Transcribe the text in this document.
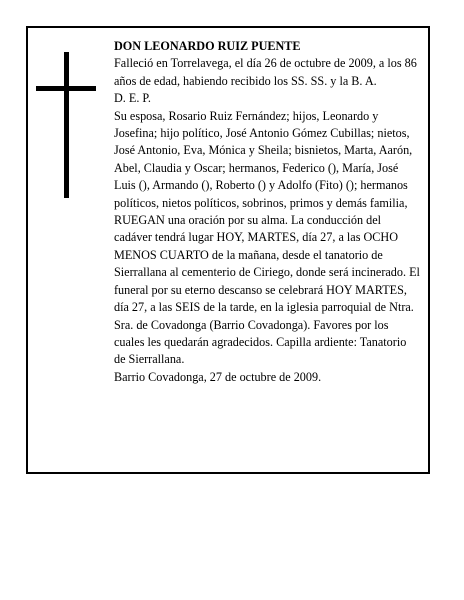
DON LEONARDO RUIZ PUENTE

Falleció en Torrelavega, el día 26 de octubre de 2009, a los 86 años de edad, habiendo recibido los SS. SS. y la B. A.

D. E. P.

Su esposa, Rosario Ruiz Fernández; hijos, Leonardo y Josefina; hijo político, José Antonio Gómez Cubillas; nietos, José Antonio, Eva, Mónica y Sheila; bisnietos, Marta, Aarón, Abel, Claudia y Oscar; hermanos, Federico (), María, José Luis (), Armando (), Roberto () y Adolfo (Fito) (); hermanos políticos, nietos políticos, sobrinos, primos y demás familia,

RUEGAN una oración por su alma. La conducción del cadáver tendrá lugar HOY, MARTES, día 27, a las OCHO MENOS CUARTO de la mañana, desde el tanatorio de Sierrallana al cementerio de Ciriego, donde será incinerado. El funeral por su eterno descanso se celebrará HOY MARTES, día 27, a las SEIS de la tarde, en la iglesia parroquial de Ntra. Sra. de Covadonga (Barrio Covadonga). Favores por los cuales les quedarán agradecidos. Capilla ardiente: Tanatorio de Sierrallana.

Barrio Covadonga, 27 de octubre de 2009.
